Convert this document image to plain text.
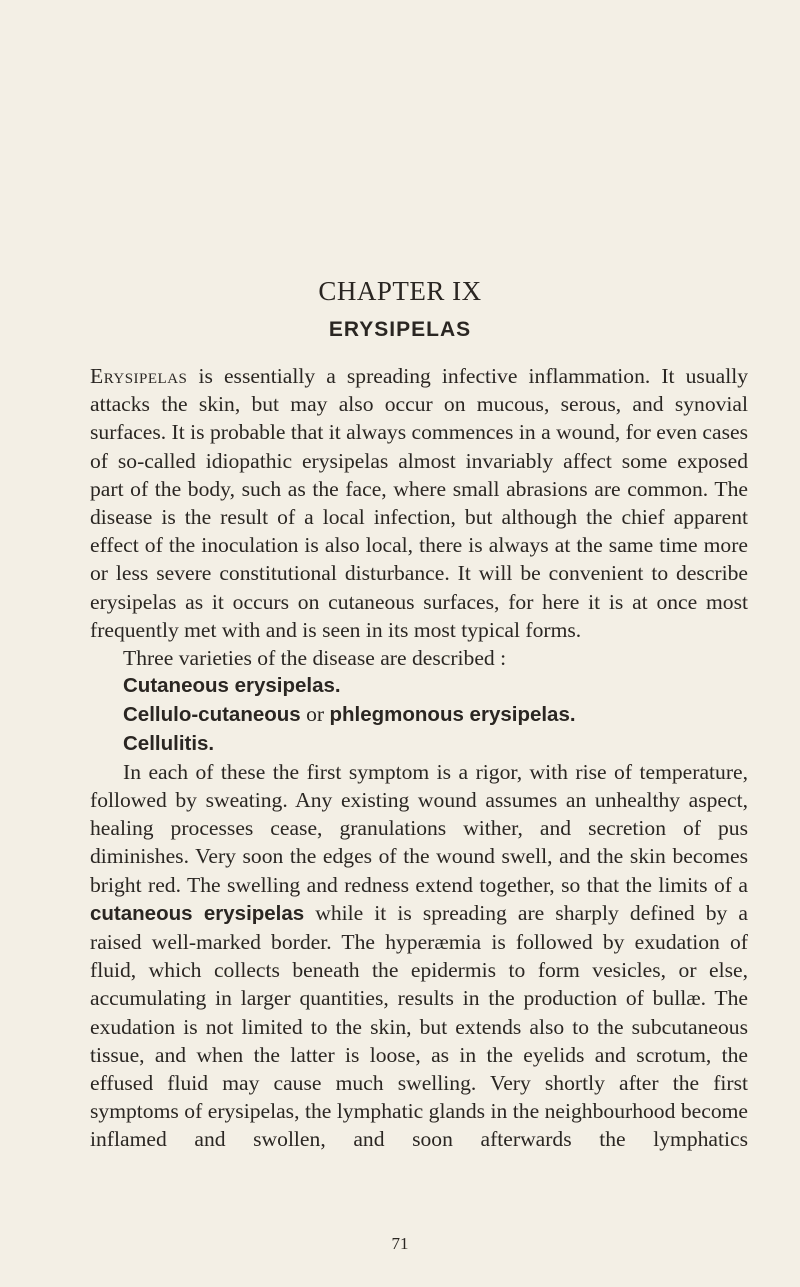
CHAPTER IX
ERYSIPELAS

Erysipelas is essentially a spreading infective inflammation. It usually attacks the skin, but may also occur on mucous, serous, and synovial surfaces. It is probable that it always commences in a wound, for even cases of so-called idiopathic erysipelas almost invariably affect some exposed part of the body, such as the face, where small abrasions are common. The disease is the result of a local infection, but although the chief apparent effect of the inoculation is also local, there is always at the same time more or less severe constitutional disturbance. It will be convenient to describe erysipelas as it occurs on cutaneous surfaces, for here it is at once most frequently met with and is seen in its most typical forms.

Three varieties of the disease are described :

Cutaneous erysipelas.
Cellulo-cutaneous or phlegmonous erysipelas.
Cellulitis.

In each of these the first symptom is a rigor, with rise of temperature, followed by sweating. Any existing wound assumes an unhealthy aspect, healing processes cease, granulations wither, and secretion of pus diminishes. Very soon the edges of the wound swell, and the skin becomes bright red. The swelling and redness extend together, so that the limits of a cutaneous erysipelas while it is spreading are sharply defined by a raised well-marked border. The hyperæmia is followed by exudation of fluid, which collects beneath the epidermis to form vesicles, or else, accumulating in larger quantities, results in the production of bullæ. The exudation is not limited to the skin, but extends also to the subcutaneous tissue, and when the latter is loose, as in the eyelids and scrotum, the effused fluid may cause much swelling. Very shortly after the first symptoms of erysipelas, the lymphatic glands in the neighbourhood become inflamed and swollen, and soon afterwards the lymphatics

71
